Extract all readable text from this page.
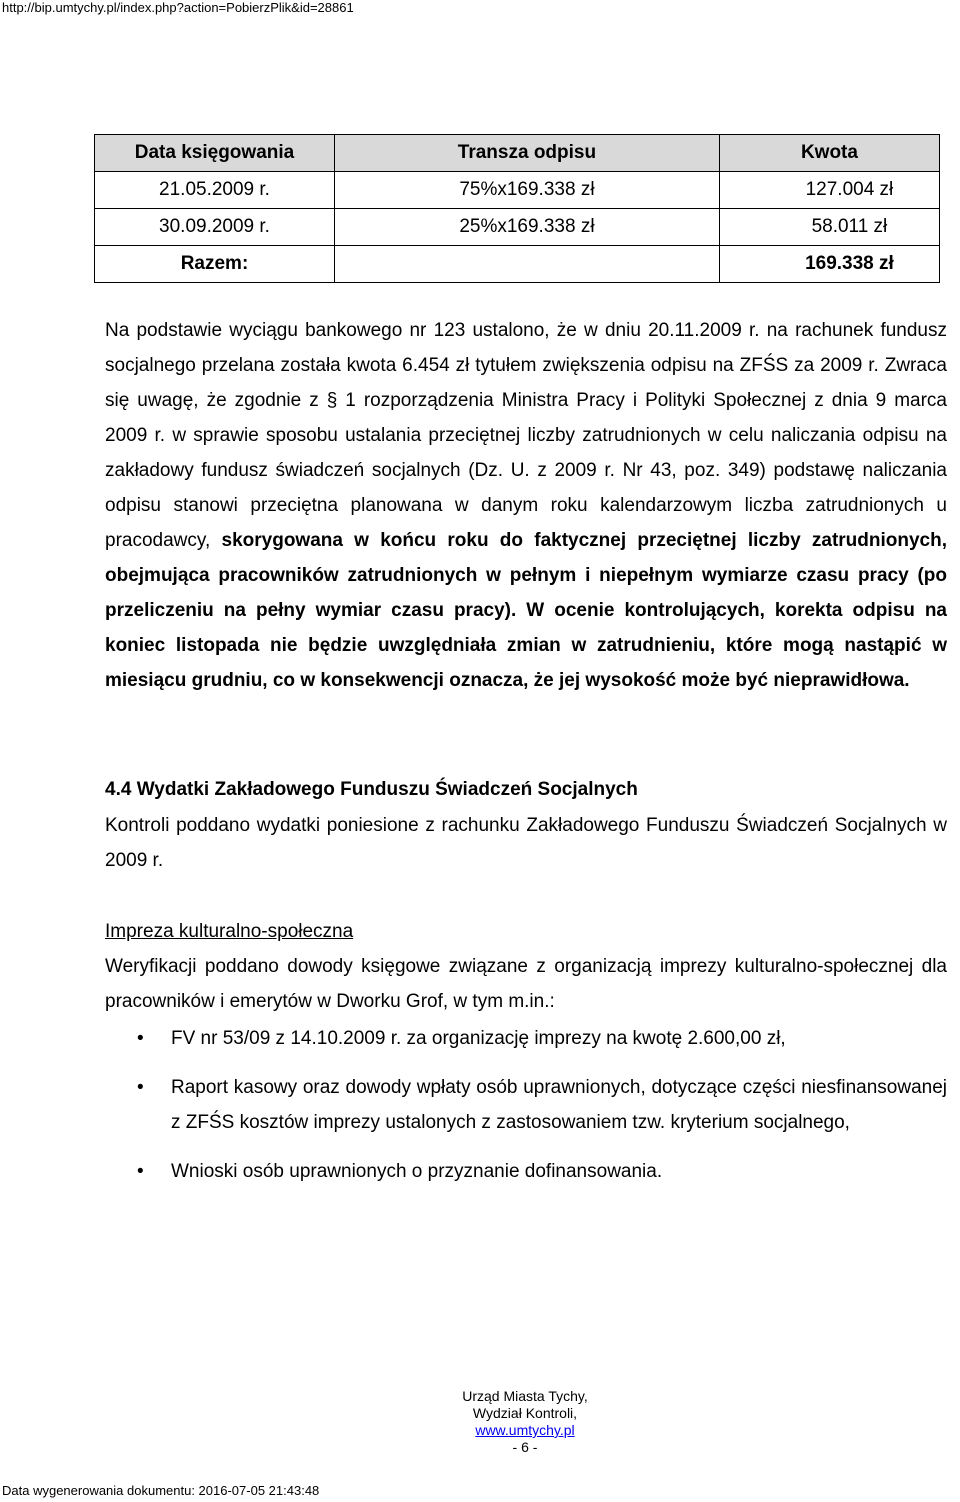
http://bip.umtychy.pl/index.php?action=PobierzPlik&id=28861
Data księgowania	Transza odpisu	Kwota
21.05.2009 r.	75%x169.338 zł	127.004 zł
30.09.2009 r.	25%x169.338 zł	58.011 zł
Razem:		169.338 zł

Na podstawie wyciągu bankowego nr 123 ustalono, że w dniu 20.11.2009 r. na rachunek fundusz socjalnego przelana została kwota 6.454 zł tytułem zwiększenia odpisu na ZFŚS za 2009 r. Zwraca się uwagę, że zgodnie z § 1 rozporządzenia Ministra Pracy i Polityki Społecznej z dnia 9 marca 2009 r. w sprawie sposobu ustalania przeciętnej liczby zatrudnionych w celu naliczania odpisu na zakładowy fundusz świadczeń socjalnych (Dz. U. z 2009 r. Nr 43, poz. 349) podstawę naliczania odpisu stanowi przeciętna planowana w danym roku kalendarzowym liczba zatrudnionych u pracodawcy, skorygowana w końcu roku do faktycznej przeciętnej liczby zatrudnionych, obejmująca pracowników zatrudnionych w pełnym i niepełnym wymiarze czasu pracy (po przeliczeniu na pełny wymiar czasu pracy). W ocenie kontrolujących, korekta odpisu na koniec listopada nie będzie uwzględniała zmian w zatrudnieniu, które mogą nastąpić w miesiącu grudniu, co w konsekwencji oznacza, że jej wysokość może być nieprawidłowa.

4.4 Wydatki Zakładowego Funduszu Świadczeń Socjalnych

Kontroli poddano wydatki poniesione z rachunku Zakładowego Funduszu Świadczeń Socjalnych w 2009 r.

Impreza kulturalno-społeczna

Weryfikacji poddano dowody księgowe związane z organizacją imprezy kulturalno-społecznej dla pracowników i emerytów w Dworku Grof, w tym m.in.:

• FV nr 53/09 z 14.10.2009 r. za organizację imprezy na kwotę 2.600,00 zł,
• Raport kasowy oraz dowody wpłaty osób uprawnionych, dotyczące części niesfinansowanej z ZFŚS kosztów imprezy ustalonych z zastosowaniem tzw. kryterium socjalnego,
• Wnioski osób uprawnionych o przyznanie dofinansowania.
Urząd Miasta Tychy,
Wydział Kontroli,
www.umtychy.pl
- 6 -
Data wygenerowania dokumentu: 2016-07-05 21:43:48
